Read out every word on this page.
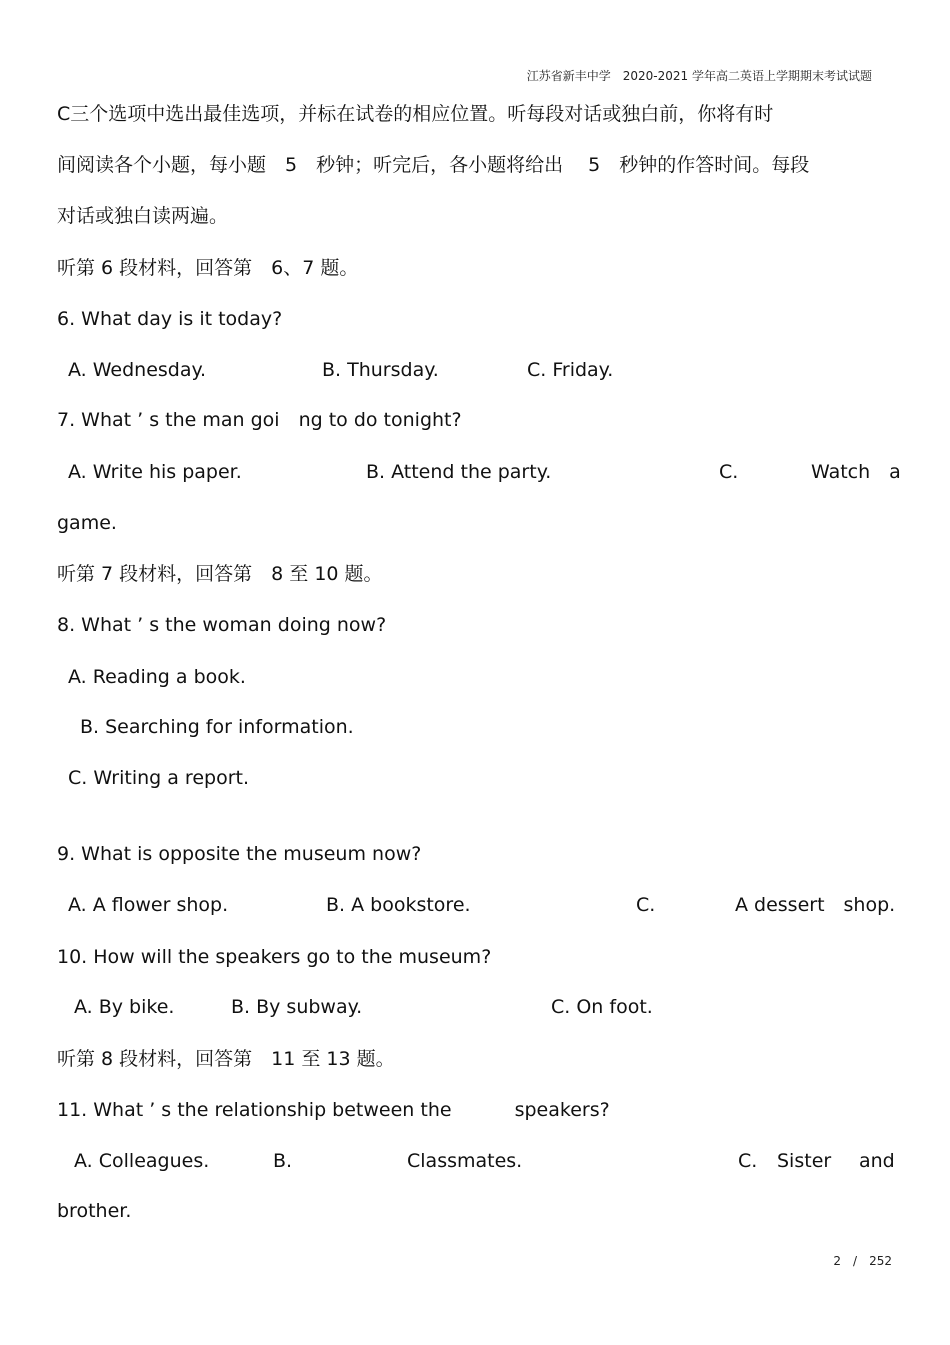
江苏省新丰中学　2020-2021 学年高二英语上学期期末考试试题
C三个选项中选出最佳选项，并标在试卷的相应位置。听每段对话或独白前，你将有时
间阅读各个小题，每小题　5　秒钟；听完后，各小题将给出　 5　秒钟的作答时间。每段
对话或独白读两遍。
听第 6 段材料，回答第　6、7 题。
6. What day is it today?
A. Wednesday.	B. Thursday.	C. Friday.
7. What ’ s the man goi　ng to do tonight?
A. Write his paper.	B. Attend the party.	C.	Watch　a
game.
听第 7 段材料，回答第　8 至 10 题。
8. What ’ s the woman doing now?
A. Reading a book.
B. Searching for information.
C. Writing a report.
9. What is opposite the museum now?
A. A flower shop.	B. A bookstore.	C.	A dessert　shop.
10. How will the speakers go to the museum?
A. By bike.	B. By subway.	C. On foot.
听第 8 段材料，回答第　11 至 13 题。
11. What ’ s the relationship between the　　　 speakers?
A. Colleagues.	B.	Classmates.	C. Sister and
brother.
2　/　252
